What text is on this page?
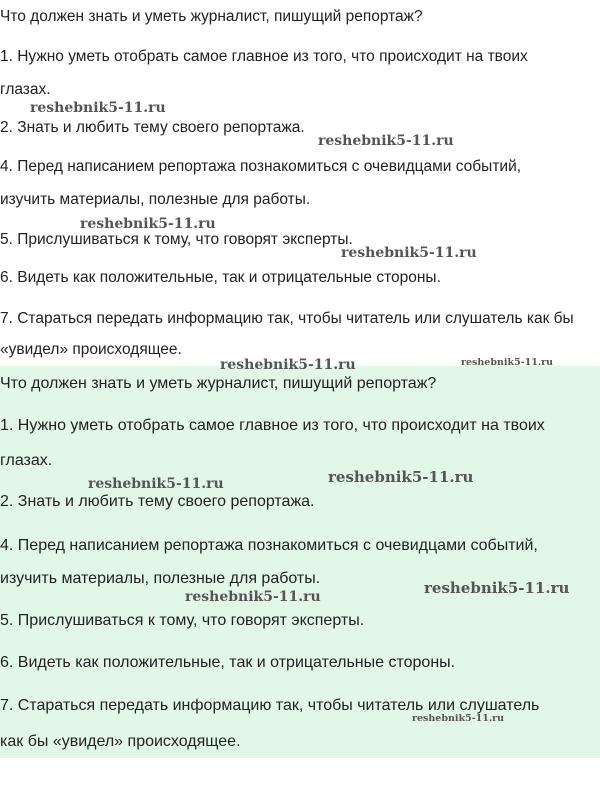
Что должен знать и уметь журналист, пишущий репортаж?
1. Нужно уметь отобрать самое главное из того, что происходит на твоих
глазах.
2. Знать и любить тему своего репортажа.
4. Перед написанием репортажа познакомиться с очевидцами событий,
изучить материалы, полезные для работы.
5. Прислушиваться к тому, что говорят эксперты.
6. Видеть как положительные, так и отрицательные стороны.
7. Стараться передать информацию так, чтобы читатель или слушатель как бы
«увидел» происходящее.
Что должен знать и уметь журналист, пишущий репортаж?
1. Нужно уметь отобрать самое главное из того, что происходит на твоих
глазах.
2. Знать и любить тему своего репортажа.
4. Перед написанием репортажа познакомиться с очевидцами событий,
изучить материалы, полезные для работы.
5. Прислушиваться к тому, что говорят эксперты.
6. Видеть как положительные, так и отрицательные стороны.
7. Стараться передать информацию так, чтобы читатель или слушатель
как бы «увидел» происходящее.
reshebnik5-11.ru
reshebnik5-11.ru
reshebnik5-11.ru
reshebnik5-11.ru
reshebnik5-11.ru	reshebnik5-11.ru
reshebnik5-11.ru	reshebnik5-11.ru
reshebnik5-11.ru	reshebnik5-11.ru
reshebnik5-11.ru
